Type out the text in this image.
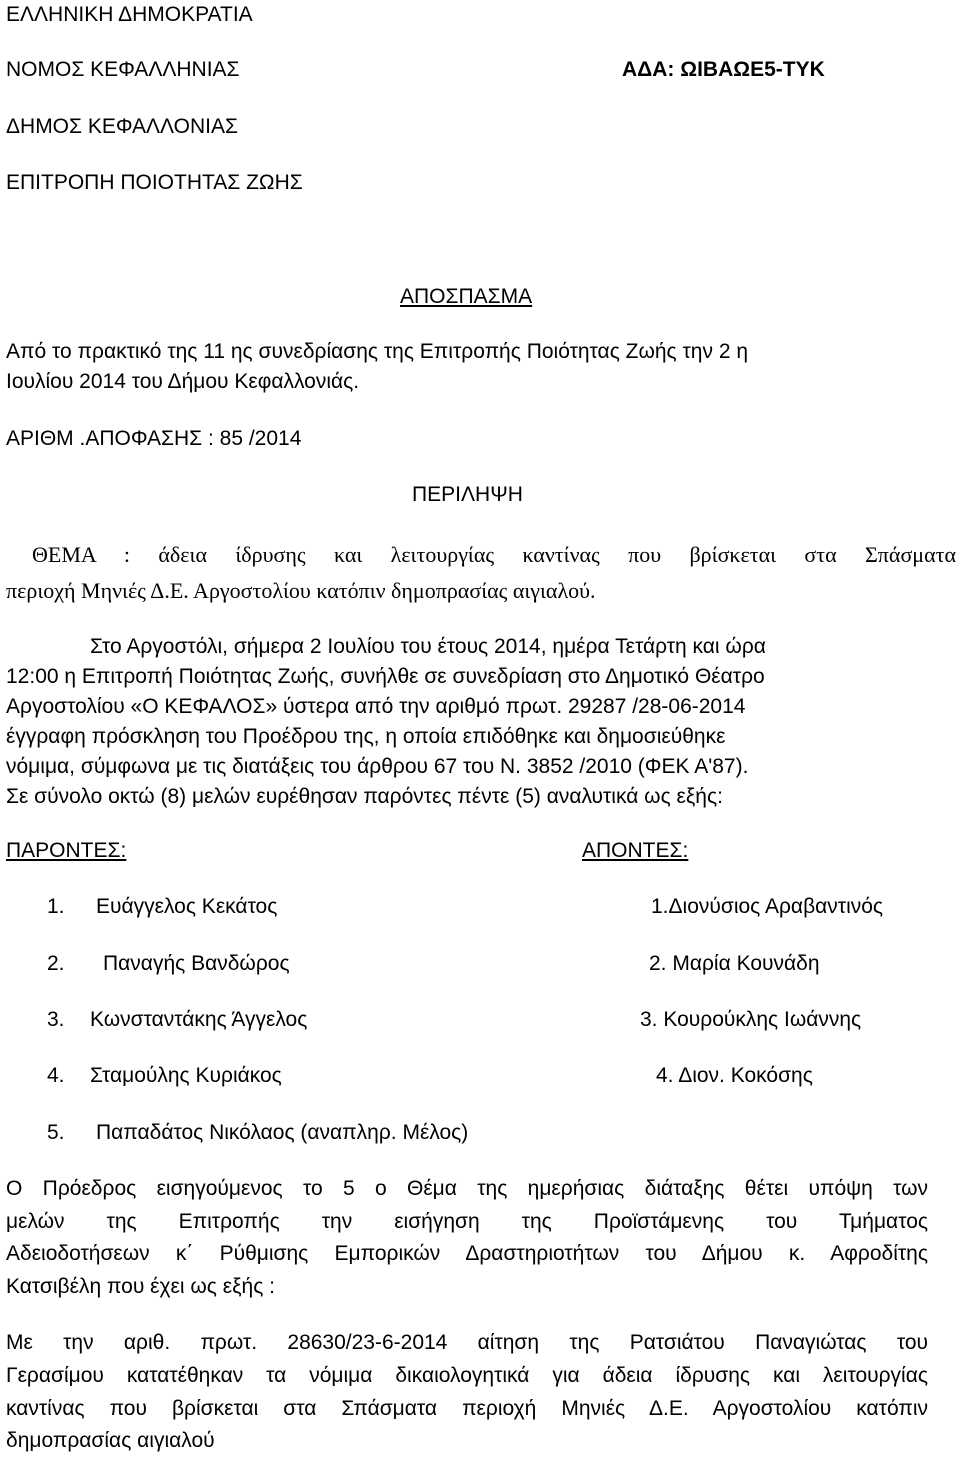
ΕΛΛΗΝΙΚΗ ΔΗΜΟΚΡΑΤΙΑ
ΝΟΜΟΣ ΚΕΦΑΛΛΗΝΙΑΣ	ΑΔΑ: ΩΙΒΑΩΕ5-ΤΥΚ
ΔΗΜΟΣ ΚΕΦΑΛΛΟΝΙΑΣ
ΕΠΙΤΡΟΠΗ ΠΟΙΟΤΗΤΑΣ ΖΩΗΣ
ΑΠΟΣΠΑΣΜΑ
Από το πρακτικό της 11 ης συνεδρίασης της Επιτροπής Ποιότητας Ζωής την 2 η
Ιουλίου 2014 του Δήμου Κεφαλλονιάς.
ΑΡΙΘΜ .ΑΠΟΦΑΣΗΣ : 85 /2014
ΠΕΡΙΛΗΨΗ
ΘΕΜΑ : άδεια ίδρυσης και λειτουργίας καντίνας που βρίσκεται στα Σπάσματα
περιοχή Μηνιές Δ.Ε. Αργοστολίου κατόπιν δημοπρασίας αιγιαλού.
Στο Αργοστόλι, σήμερα 2 Ιουλίου του έτους 2014, ημέρα Τετάρτη και ώρα
12:00 η Επιτροπή Ποιότητας Ζωής, συνήλθε σε συνεδρίαση στο Δημοτικό Θέατρο
Αργοστολίου «Ο ΚΕΦΑΛΟΣ» ύστερα από την αριθμό πρωτ. 29287 /28-06-2014
έγγραφη πρόσκληση του Προέδρου της, η οποία επιδόθηκε και δημοσιεύθηκε
νόμιμα, σύμφωνα με τις διατάξεις του άρθρου 67 του Ν. 3852 /2010 (ΦΕΚ Α'87).
Σε σύνολο οκτώ (8) μελών ευρέθησαν παρόντες πέντε (5) αναλυτικά ως εξής:
ΠΑΡΟΝΤΕΣ:	ΑΠΟΝΤΕΣ:
1. Ευάγγελος Κεκάτος
2. Παναγής Βανδώρος
3. Κωνσταντάκης Άγγελος
4. Σταμούλης Κυριάκος
5. Παπαδάτος Νικόλαος (αναπληρ. Μέλος)
1.Διονύσιος Αραβαντινός
2. Μαρία Κουνάδη
3. Κουρούκλης Ιωάννης
4. Διον. Κοκόσης
Ο Πρόεδρος εισηγούμενος το 5 ο Θέμα της ημερήσιας διάταξης θέτει υπόψη των
μελών της Επιτροπής την εισήγηση της Προϊστάμενης του Τμήματος
Αδειοδοτήσεων κ΄ Ρύθμισης Εμπορικών Δραστηριοτήτων του Δήμου κ. Αφροδίτης
Κατσιβέλη που έχει ως εξής :
Με την αριθ. πρωτ. 28630/23-6-2014 αίτηση της Ρατσιάτου Παναγιώτας του
Γερασίμου κατατέθηκαν τα νόμιμα δικαιολογητικά για άδεια ίδρυσης και λειτουργίας
καντίνας που βρίσκεται στα Σπάσματα περιοχή Μηνιές Δ.Ε. Αργοστολίου κατόπιν
δημοπρασίας αιγιαλού
